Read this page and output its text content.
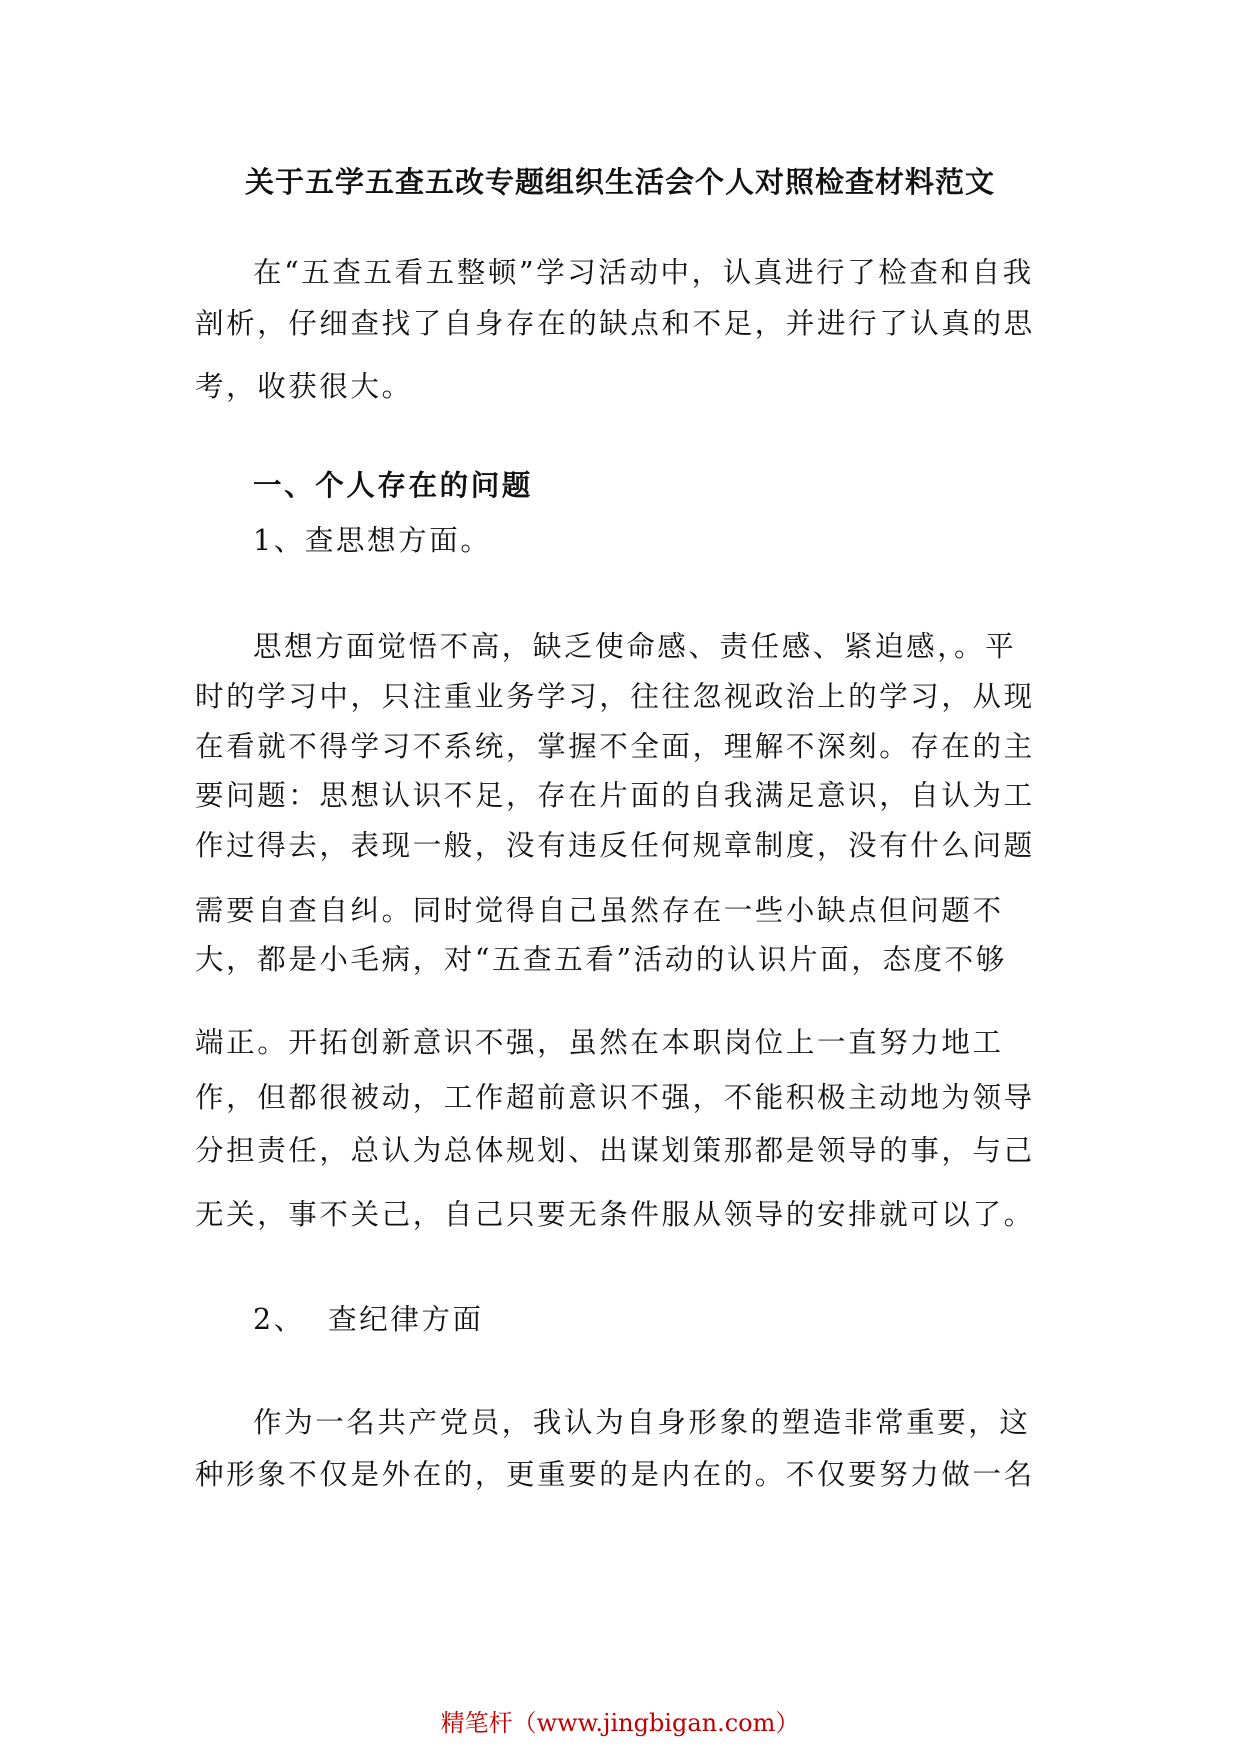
关于五学五查五改专题组织生活会个人对照检查材料范文
在“五查五看五整顿”学习活动中，认真进行了检查和自我
剖析，仔细查找了自身存在的缺点和不足，并进行了认真的思
考，收获很大。
一、个人存在的问题
1、查思想方面。
思想方面觉悟不高，缺乏使命感、责任感、紧迫感，。平
时的学习中，只注重业务学习，往往忽视政治上的学习，从现
在看就不得学习不系统，掌握不全面，理解不深刻。存在的主
要问题：思想认识不足，存在片面的自我满足意识，自认为工
作过得去，表现一般，没有违反任何规章制度，没有什么问题
需要自查自纠。同时觉得自己虽然存在一些小缺点但问题不
大，都是小毛病，对“五查五看”活动的认识片面，态度不够
端正。开拓创新意识不强，虽然在本职岗位上一直努力地工
作，但都很被动，工作超前意识不强，不能积极主动地为领导
分担责任，总认为总体规划、出谋划策那都是领导的事，与己
无关，事不关己，自己只要无条件服从领导的安排就可以了。
2、  查纪律方面
作为一名共产党员，我认为自身形象的塑造非常重要，这
种形象不仅是外在的，更重要的是内在的。不仅要努力做一名
精笔杆（www.jingbigan.com）
